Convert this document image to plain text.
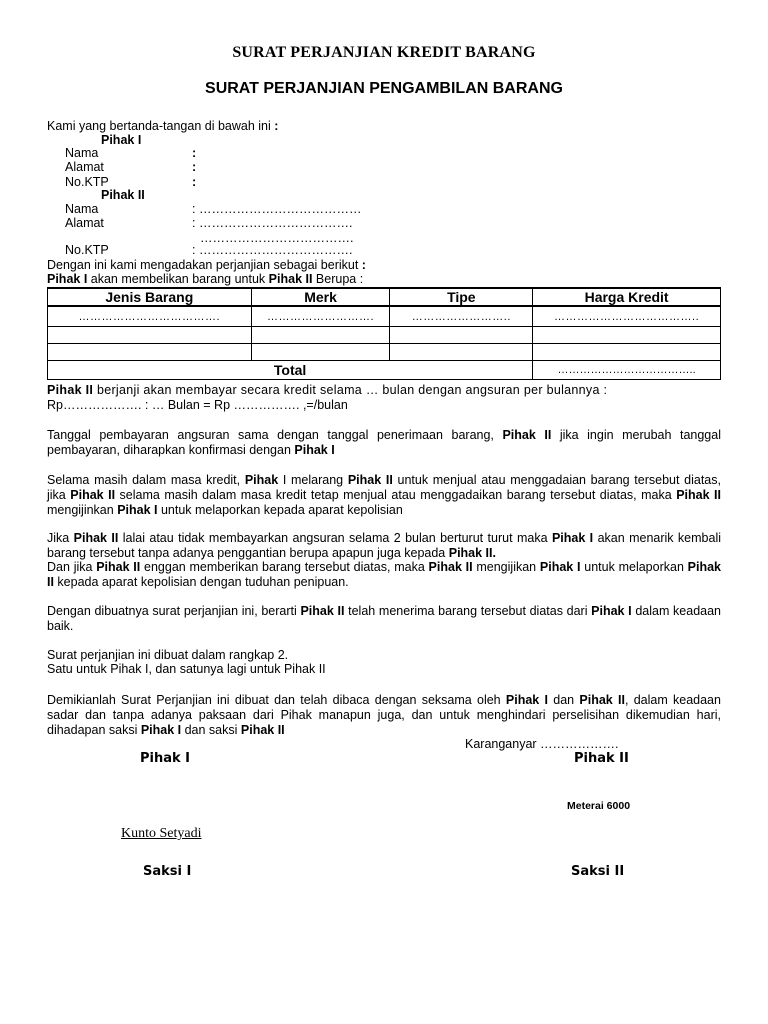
SURAT PERJANJIAN KREDIT BARANG
SURAT PERJANJIAN PENGAMBILAN BARANG
Kami yang bertanda-tangan di bawah ini :
Pihak I
Nama	:
Alamat	:
No.KTP	:
Pihak II
Nama	: …………………………………
Alamat	: ……………………………….
……………………………….
No.KTP	: ……………………………….
Dengan ini kami mengadakan perjanjian sebagai berikut :
Pihak I akan membelikan barang untuk Pihak II Berupa :
Jenis Barang	Merk	Tipe	Harga Kredit
……………………………….	……………………….	……………………..	………………………………..

Total			………………………………..
Pihak II berjanji akan membayar secara kredit selama … bulan dengan angsuran per bulannya :
Rp………………. : … Bulan = Rp ……………. ,=/bulan
Tanggal pembayaran angsuran sama dengan tanggal penerimaan barang, Pihak II jika ingin merubah tanggal pembayaran, diharapkan konfirmasi dengan Pihak I
Selama masih dalam masa kredit, Pihak I melarang Pihak II untuk menjual atau menggadaian barang tersebut diatas, jika Pihak II selama masih dalam masa kredit tetap menjual atau menggadaikan barang tersebut diatas, maka Pihak II mengijinkan Pihak I untuk melaporkan kepada aparat kepolisian
Jika Pihak II lalai atau tidak membayarkan angsuran selama 2 bulan berturut turut maka Pihak I akan menarik kembali barang tersebut tanpa adanya penggantian berupa apapun juga kepada Pihak II.
Dan jika Pihak II enggan memberikan barang tersebut diatas, maka Pihak II mengijikan Pihak I untuk melaporkan Pihak II kepada aparat kepolisian dengan tuduhan penipuan.
Dengan dibuatnya surat perjanjian ini, berarti Pihak II telah menerima barang tersebut diatas dari Pihak I dalam keadaan baik.
Surat perjanjian ini dibuat dalam rangkap 2.
Satu untuk Pihak I, dan satunya lagi untuk Pihak II
Demikianlah Surat Perjanjian ini dibuat dan telah dibaca dengan seksama oleh Pihak I dan Pihak II, dalam keadaan sadar dan tanpa adanya paksaan dari Pihak manapun juga, dan untuk menghindari perselisihan dikemudian hari, dihadapan saksi Pihak I dan saksi Pihak II
Karanganyar ……………….
Pihak I	Pihak II
Meterai 6000
Kunto Setyadi
Saksi I	Saksi II
